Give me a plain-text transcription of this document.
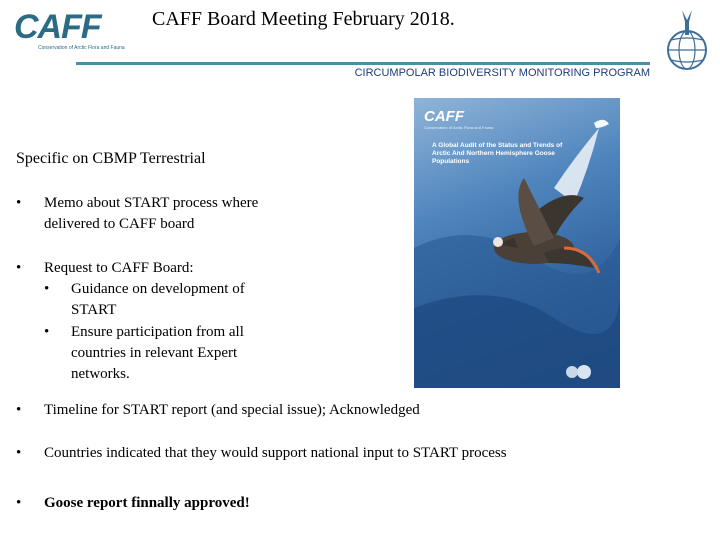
CAFF
Conservation of Arctic Flora and Fauna
CAFF Board Meeting February 2018.
CIRCUMPOLAR BIODIVERSITY MONITORING PROGRAM
CAFF
Conservation of Arctic Flora and Fauna
A Global Audit of the Status and Trends of Arctic And Northern Hemisphere Goose Populations
Specific on CBMP Terrestrial
• Memo about START process where
delivered to CAFF board
• Request to CAFF Board:
• Guidance on development of
START
• Ensure participation from all
countries in relevant Expert
networks.
• Timeline for START report (and special issue); Acknowledged
• Countries indicated that they would support national input to START process
• Goose report finnally approved!
